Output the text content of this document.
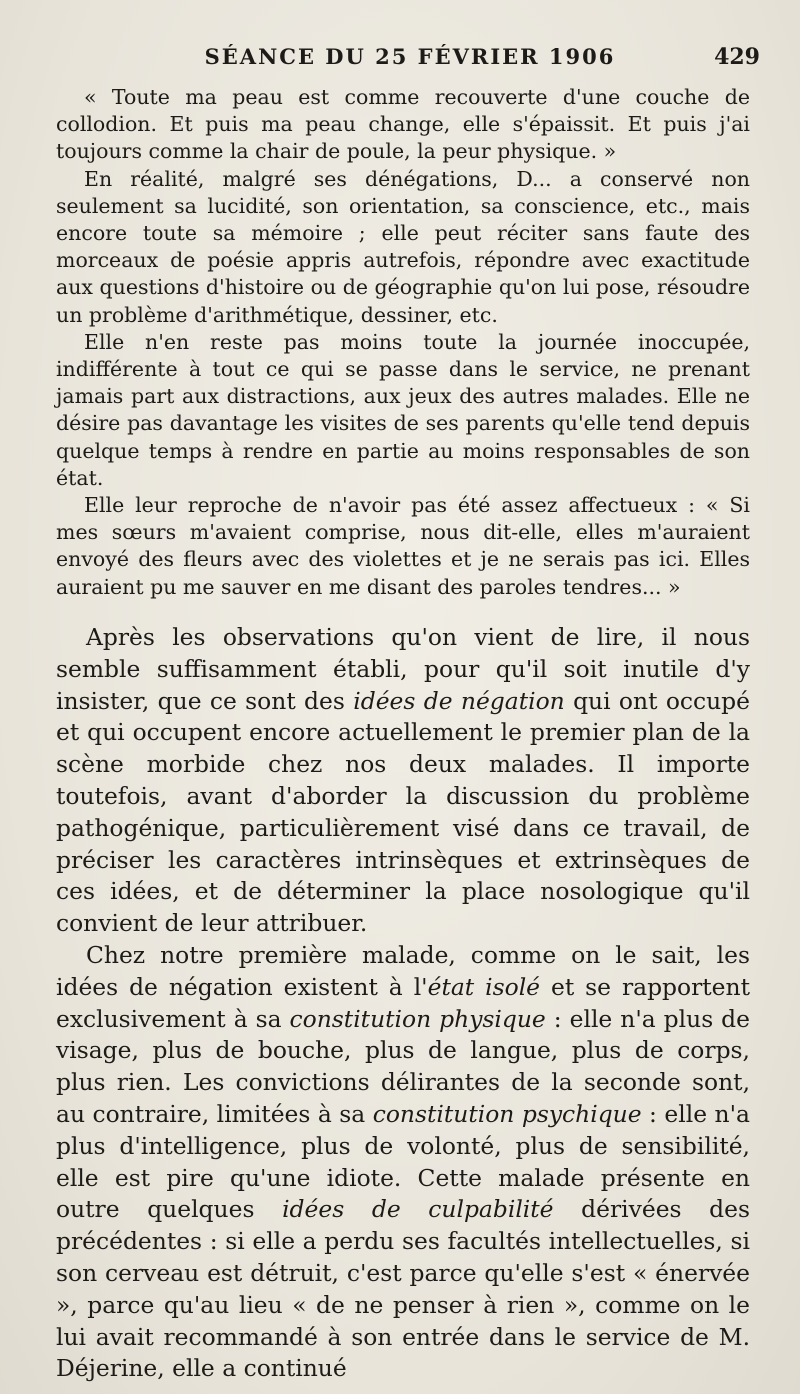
SÉANCE DU 25 FÉVRIER 1906	429

« Toute ma peau est comme recouverte d'une couche de collodion. Et puis ma peau change, elle s'épaissit. Et puis j'ai toujours comme la chair de poule, la peur physique. »

En réalité, malgré ses dénégations, D... a conservé non seulement sa lucidité, son orientation, sa conscience, etc., mais encore toute sa mémoire ; elle peut réciter sans faute des morceaux de poésie appris autrefois, répondre avec exactitude aux questions d'histoire ou de géographie qu'on lui pose, résoudre un problème d'arithmétique, dessiner, etc.

Elle n'en reste pas moins toute la journée inoccupée, indifférente à tout ce qui se passe dans le service, ne prenant jamais part aux distractions, aux jeux des autres malades. Elle ne désire pas davantage les visites de ses parents qu'elle tend depuis quelque temps à rendre en partie au moins responsables de son état.

Elle leur reproche de n'avoir pas été assez affectueux : « Si mes sœurs m'avaient comprise, nous dit-elle, elles m'auraient envoyé des fleurs avec des violettes et je ne serais pas ici. Elles auraient pu me sauver en me disant des paroles tendres... »

Après les observations qu'on vient de lire, il nous semble suffisamment établi, pour qu'il soit inutile d'y insister, que ce sont des idées de négation qui ont occupé et qui occupent encore actuellement le premier plan de la scène morbide chez nos deux malades. Il importe toutefois, avant d'aborder la discussion du problème pathogénique, particulièrement visé dans ce travail, de préciser les caractères intrinsèques et extrinsèques de ces idées, et de déterminer la place nosologique qu'il convient de leur attribuer.

Chez notre première malade, comme on le sait, les idées de négation existent à l'état isolé et se rapportent exclusivement à sa constitution physique : elle n'a plus de visage, plus de bouche, plus de langue, plus de corps, plus rien. Les convictions délirantes de la seconde sont, au contraire, limitées à sa constitution psychique : elle n'a plus d'intelligence, plus de volonté, plus de sensibilité, elle est pire qu'une idiote. Cette malade présente en outre quelques idées de culpabilité dérivées des précédentes : si elle a perdu ses facultés intellectuelles, si son cerveau est détruit, c'est parce qu'elle s'est « énervée », parce qu'au lieu « de ne penser à rien », comme on le lui avait recommandé à son entrée dans le service de M. Déjerine, elle a continué
